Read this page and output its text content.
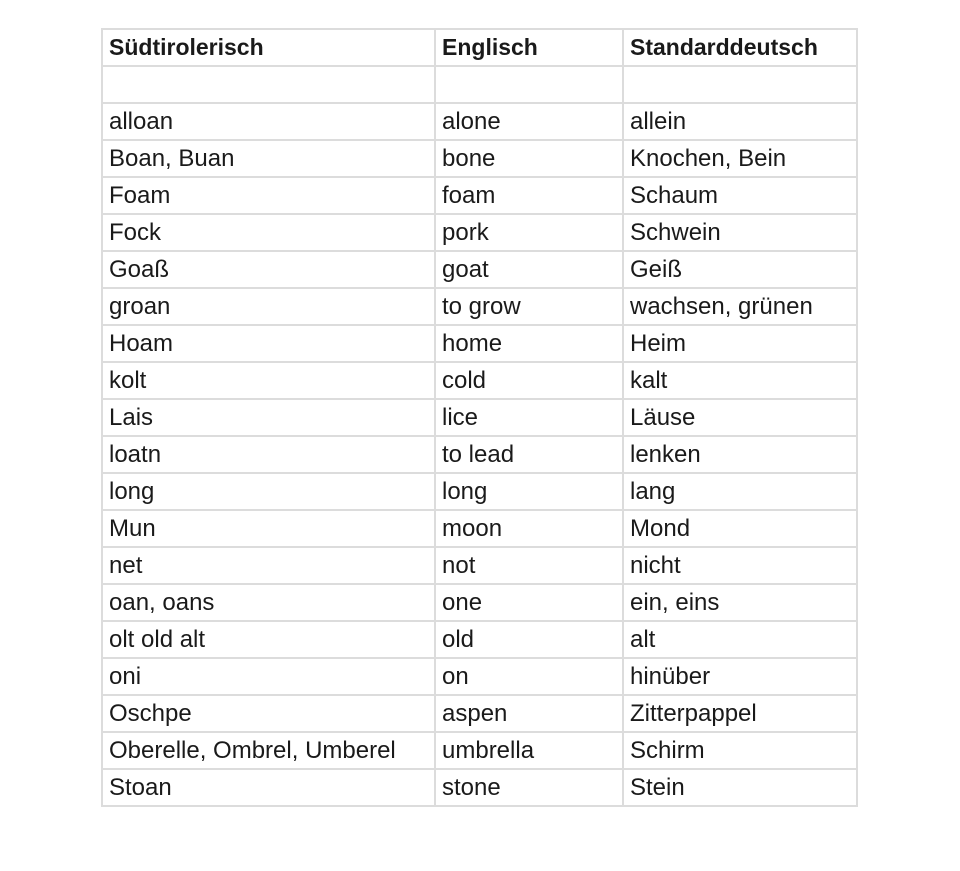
Südtirolerisch	Englisch	Standarddeutsch

alloan	alone	allein
Boan, Buan	bone	Knochen, Bein
Foam	foam	Schaum
Fock	pork	Schwein
Goaß	goat	Geiß
groan	to grow	wachsen, grünen
Hoam	home	Heim
kolt	cold	kalt
Lais	lice	Läuse
loatn	to lead	lenken
long	long	lang
Mun	moon	Mond
net	not	nicht
oan, oans	one	ein, eins
olt old alt	old	alt
oni	on	hinüber
Oschpe	aspen	Zitterpappel
Oberelle, Ombrel, Umberel	umbrella	Schirm
Stoan	stone	Stein
